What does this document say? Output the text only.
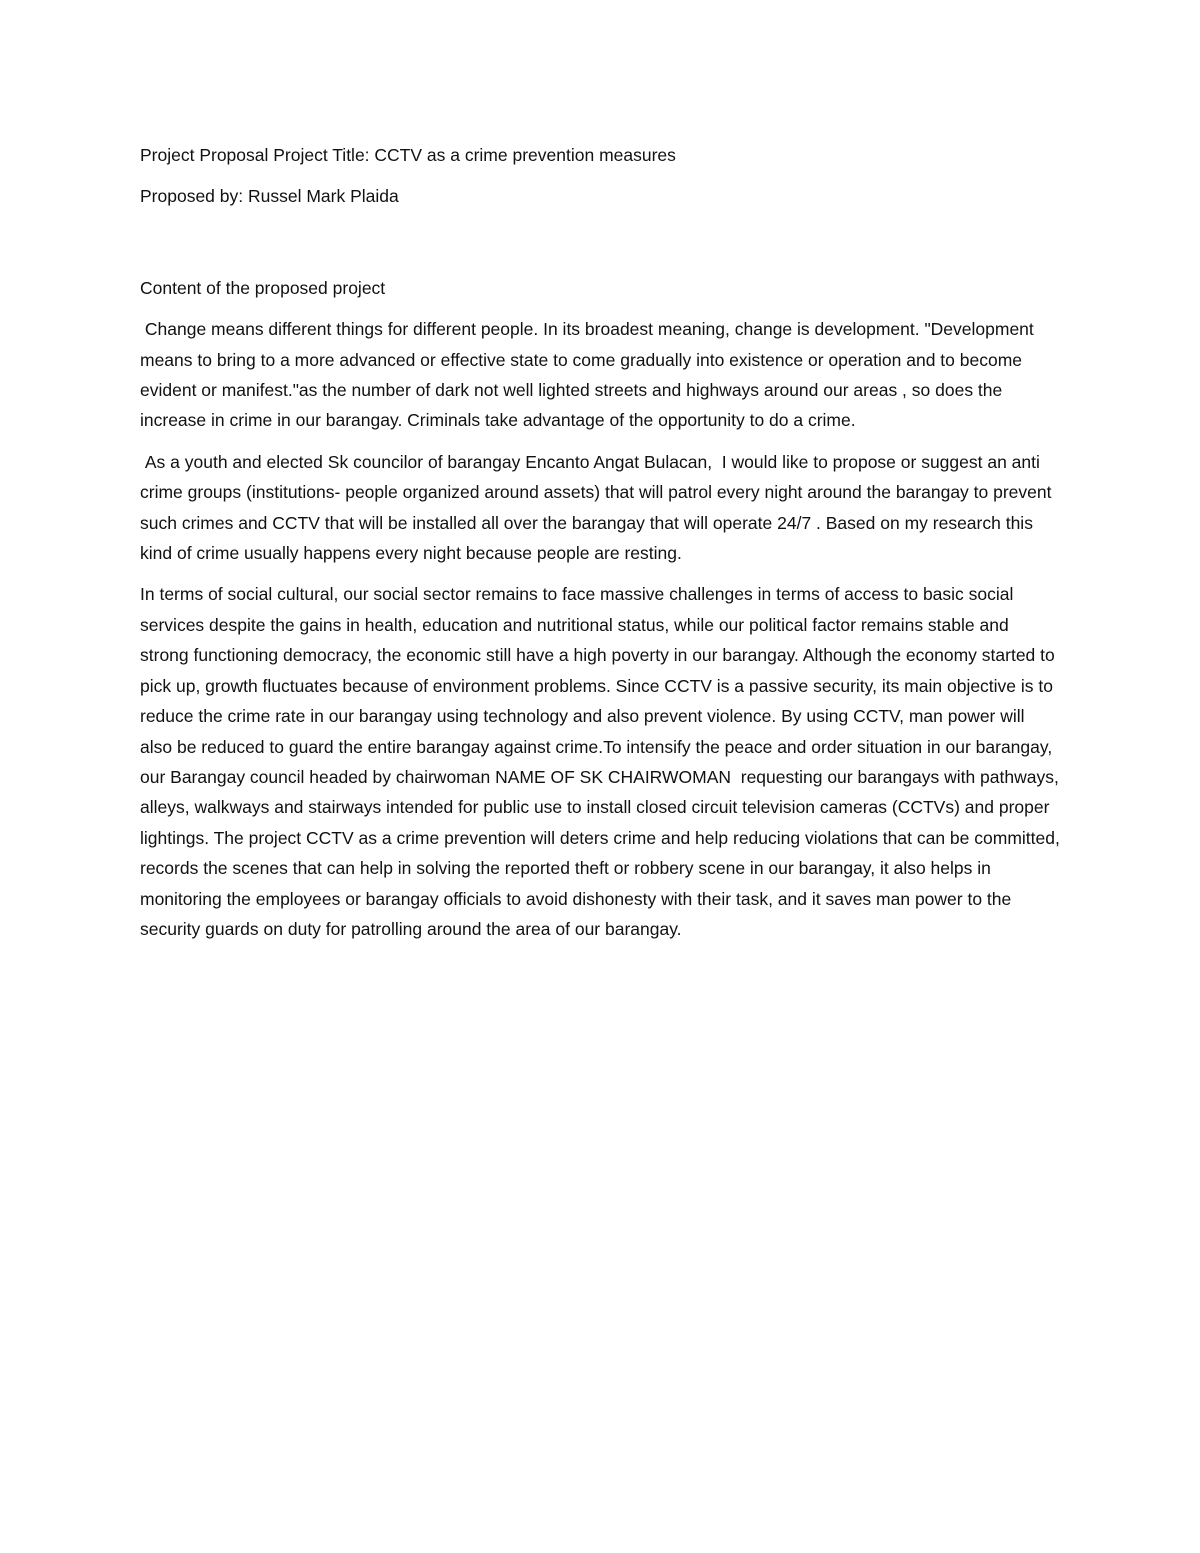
Project Proposal Project Title: CCTV as a crime prevention measures

Proposed by: Russel Mark Plaida

Content of the proposed project

Change means different things for different people. In its broadest meaning, change is development. "Development means to bring to a more advanced or effective state to come gradually into existence or operation and to become evident or manifest."as the number of dark not well lighted streets and highways around our areas , so does the increase in crime in our barangay. Criminals take advantage of the opportunity to do a crime.

As a youth and elected Sk councilor of barangay Encanto Angat Bulacan,  I would like to propose or suggest an anti crime groups (institutions- people organized around assets) that will patrol every night around the barangay to prevent such crimes and CCTV that will be installed all over the barangay that will operate 24/7 . Based on my research this kind of crime usually happens every night because people are resting.

In terms of social cultural, our social sector remains to face massive challenges in terms of access to basic social services despite the gains in health, education and nutritional status, while our political factor remains stable and strong functioning democracy, the economic still have a high poverty in our barangay. Although the economy started to pick up, growth fluctuates because of environment problems. Since CCTV is a passive security, its main objective is to reduce the crime rate in our barangay using technology and also prevent violence. By using CCTV, man power will also be reduced to guard the entire barangay against crime.To intensify the peace and order situation in our barangay, our Barangay council headed by chairwoman NAME OF SK CHAIRWOMAN  requesting our barangays with pathways, alleys, walkways and stairways intended for public use to install closed circuit television cameras (CCTVs) and proper lightings. The project CCTV as a crime prevention will deters crime and help reducing violations that can be committed, records the scenes that can help in solving the reported theft or robbery scene in our barangay, it also helps in monitoring the employees or barangay officials to avoid dishonesty with their task, and it saves man power to the security guards on duty for patrolling around the area of our barangay.
